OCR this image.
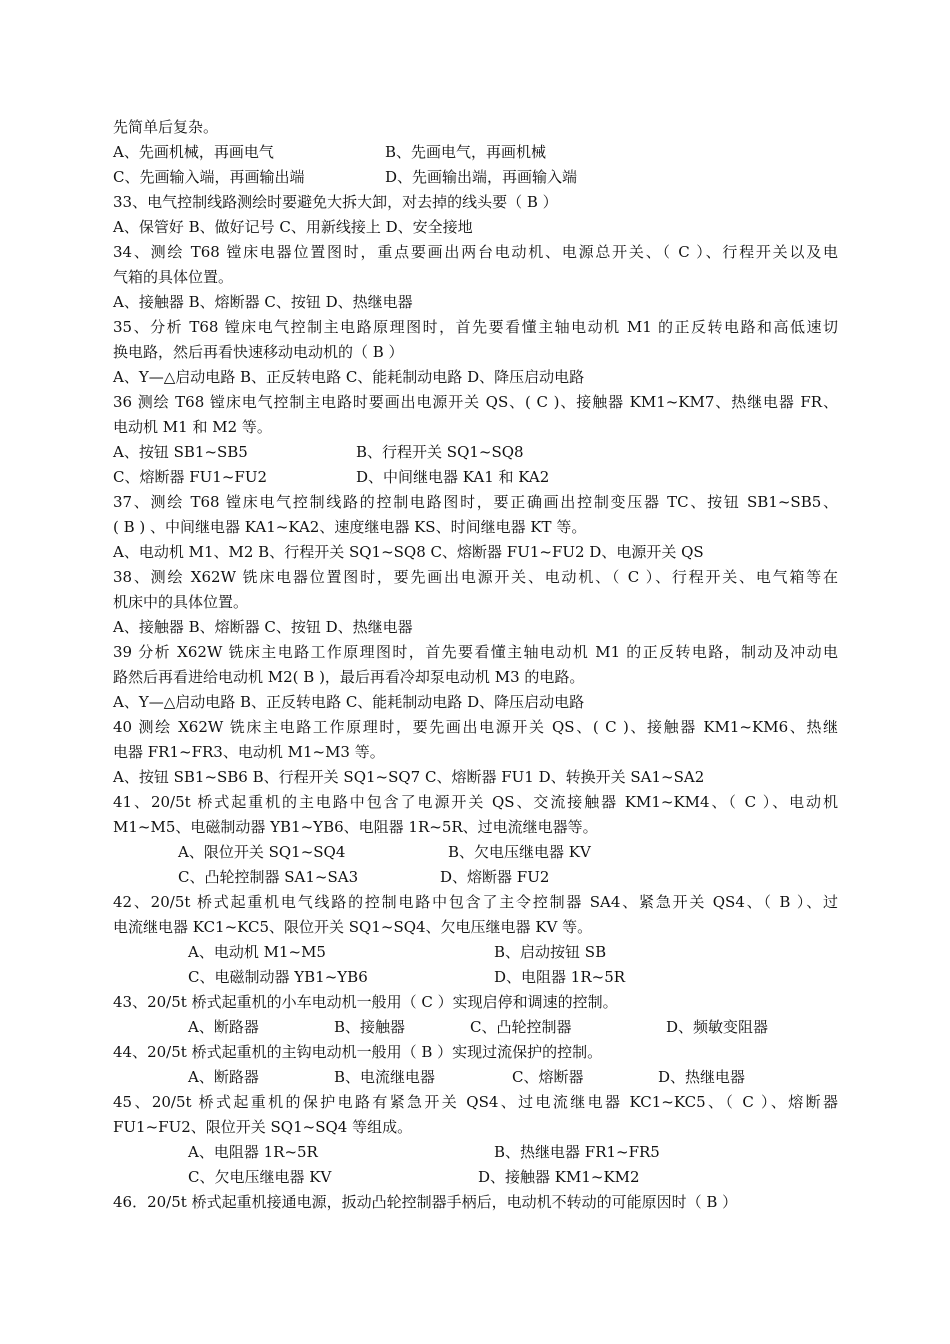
先简单后复杂。
A、先画机械，再画电气	B、先画电气，再画机械
C、先画输入端，再画输出端	D、先画输出端，再画输入端
33、电气控制线路测绘时要避免大拆大卸，对去掉的线头要（ B ）
A、保管好 B、做好记号 C、用新线接上 D、安全接地
34、测绘 T68 镗床电器位置图时，重点要画出两台电动机、电源总开关、（ C ）、行程开关以及电
气箱的具体位置。
A、接触器 B、熔断器 C、按钮 D、热继电器
35、分析 T68 镗床电气控制主电路原理图时，首先要看懂主轴电动机 M1 的正反转电路和高低速切
换电路，然后再看快速移动电动机的（ B ）
A、Y—△启动电路 B、正反转电路 C、能耗制动电路 D、降压启动电路
36 测绘 T68 镗床电气控制主电路时要画出电源开关 QS、( C )、接触器 KM1~KM7、热继电器 FR、
电动机 M1 和 M2 等。
A、按钮 SB1~SB5	B、行程开关 SQ1~SQ8
C、熔断器 FU1~FU2	D、中间继电器 KA1 和 KA2
37、测绘 T68 镗床电气控制线路的控制电路图时，要正确画出控制变压器 TC、按钮 SB1~SB5、
( B ) 、中间继电器 KA1~KA2、速度继电器 KS、时间继电器 KT 等。
A、电动机 M1、M2 B、行程开关 SQ1~SQ8 C、熔断器 FU1~FU2 D、电源开关 QS
38、测绘 X62W 铣床电器位置图时，要先画出电源开关、电动机、（ C ）、行程开关、电气箱等在
机床中的具体位置。
A、接触器 B、熔断器 C、按钮 D、热继电器
39 分析 X62W 铣床主电路工作原理图时，首先要看懂主轴电动机 M1 的正反转电路，制动及冲动电
路然后再看进给电动机 M2( B )，最后再看冷却泵电动机 M3 的电路。
A、Y—△启动电路 B、正反转电路 C、能耗制动电路 D、降压启动电路
40 测绘 X62W 铣床主电路工作原理时，要先画出电源开关 QS、( C )、接触器 KM1~KM6、热继
电器 FR1~FR3、电动机 M1~M3 等。
A、按钮 SB1~SB6 B、行程开关 SQ1~SQ7 C、熔断器 FU1 D、转换开关 SA1~SA2
41、20/5t 桥式起重机的主电路中包含了电源开关 QS、交流接触器 KM1~KM4、（ C ）、电动机
M1~M5、电磁制动器 YB1~YB6、电阻器 1R~5R、过电流继电器等。
A、限位开关 SQ1~SQ4	B、欠电压继电器 KV
C、凸轮控制器 SA1~SA3	D、熔断器 FU2
42、20/5t 桥式起重机电气线路的控制电路中包含了主令控制器 SA4、紧急开关 QS4、（ B ）、过
电流继电器 KC1~KC5、限位开关 SQ1~SQ4、欠电压继电器 KV 等。
A、电动机 M1~M5	B、启动按钮 SB
C、电磁制动器 YB1~YB6	D、电阻器 1R~5R
43、20/5t 桥式起重机的小车电动机一般用（ C ）实现启停和调速的控制。
A、断路器	B、接触器	C、凸轮控制器	D、频敏变阻器
44、20/5t 桥式起重机的主钩电动机一般用（ B ）实现过流保护的控制。
A、断路器	B、电流继电器	C、熔断器	D、热继电器
45、20/5t 桥式起重机的保护电路有紧急开关 QS4、过电流继电器 KC1~KC5、（ C ）、熔断器
FU1~FU2、限位开关 SQ1~SQ4 等组成。
A、电阻器 1R~5R	B、热继电器 FR1~FR5
C、欠电压继电器 KV	D、接触器 KM1~KM2
46．20/5t 桥式起重机接通电源，扳动凸轮控制器手柄后，电动机不转动的可能原因时（ B ）
